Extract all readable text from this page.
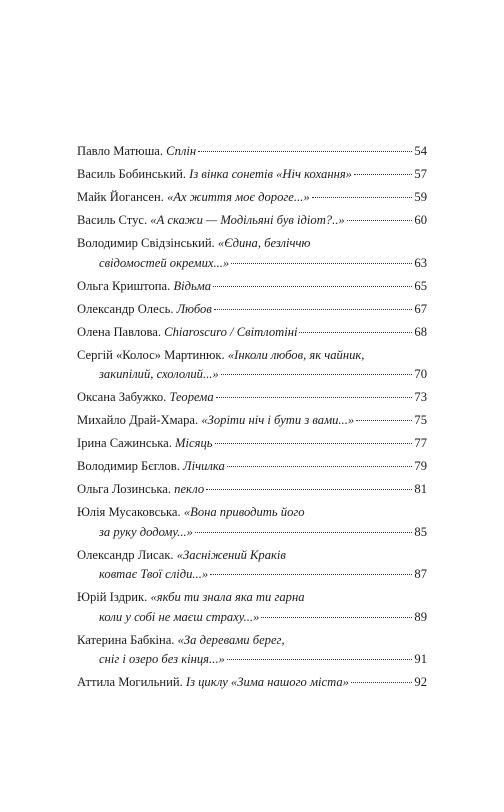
Павло Матюша. Сплін	54
Василь Бобинський. Із вінка сонетів «Ніч кохання»	57
Майк Йогансен. «Ах життя моє дороге...»	59
Василь Стус. «А скажи — Модільяні був ідіот?..»	60
Володимир Свідзінський. «Єдина, безліччю
свідомостей окремих...»	63
Ольга Криштопа. Відьма	65
Олександр Олесь. Любов	67
Олена Павлова. Chiaroscuro / Світлотіні	68
Сергій «Колос» Мартинюк. «Інколи любов, як чайник,
закипілий, схололий...»	70
Оксана Забужко. Теорема	73
Михайло Драй-Хмара. «Зоріти ніч і бути з вами...»	75
Ірина Сажинська. Місяць	77
Володимир Бєглов. Лічилка	79
Ольга Лозинська. пекло	81
Юлія Мусаковська. «Вона приводить його
за руку додому...»	85
Олександр Лисак. «Засніжений Краків
ковтає Твої сліди...»	87
Юрій Іздрик. «якби ти знала яка ти гарна
коли у собі не маєш страху...»	89
Катерина Бабкіна. «За деревами берег,
сніг і озеро без кінця...»	91
Аттила Могильний. Із циклу «Зима нашого міста»	92
